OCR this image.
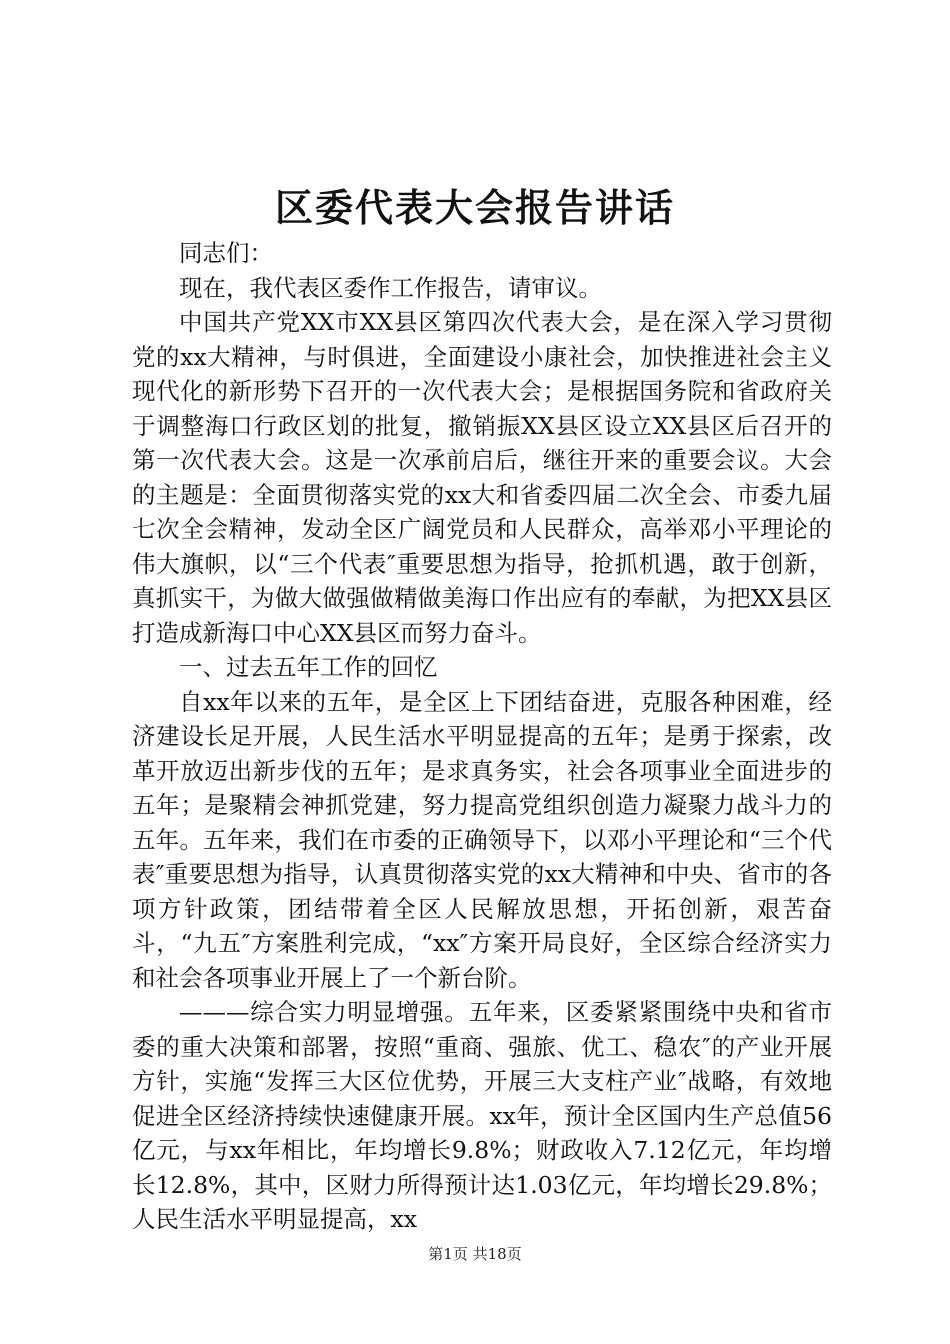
区委代表大会报告讲话

同志们：

现在，我代表区委作工作报告，请审议。

中国共产党XX市XX县区第四次代表大会，是在深入学习贯彻党的xx大精神，与时俱进，全面建设小康社会，加快推进社会主义现代化的新形势下召开的一次代表大会；是根据国务院和省政府关于调整海口行政区划的批复，撤销振XX县区设立XX县区后召开的第一次代表大会。这是一次承前启后，继往开来的重要会议。大会的主题是：全面贯彻落实党的xx大和省委四届二次全会、市委九届七次全会精神，发动全区广阔党员和人民群众，高举邓小平理论的伟大旗帜，以“三个代表″重要思想为指导，抢抓机遇，敢于创新，真抓实干，为做大做强做精做美海口作出应有的奉献，为把XX县区打造成新海口中心XX县区而努力奋斗。

一、过去五年工作的回忆

自xx年以来的五年，是全区上下团结奋进，克服各种困难，经济建设长足开展，人民生活水平明显提高的五年；是勇于探索，改革开放迈出新步伐的五年；是求真务实，社会各项事业全面进步的五年；是聚精会神抓党建，努力提高党组织创造力凝聚力战斗力的五年。五年来，我们在市委的正确领导下，以邓小平理论和“三个代表″重要思想为指导，认真贯彻落实党的xx大精神和中央、省市的各项方针政策，团结带着全区人民解放思想，开拓创新，艰苦奋斗，“九五″方案胜利完成，“xx″方案开局良好，全区综合经济实力和社会各项事业开展上了一个新台阶。

———综合实力明显增强。五年来，区委紧紧围绕中央和省市委的重大决策和部署，按照“重商、强旅、优工、稳农″的产业开展方针，实施“发挥三大区位优势，开展三大支柱产业″战略，有效地促进全区经济持续快速健康开展。xx年，预计全区国内生产总值56亿元，与xx年相比，年均增长9.8%；财政收入7.12亿元，年均增长12.8%，其中，区财力所得预计达1.03亿元，年均增长29.8%；人民生活水平明显提高，xx

第1页 共18页
